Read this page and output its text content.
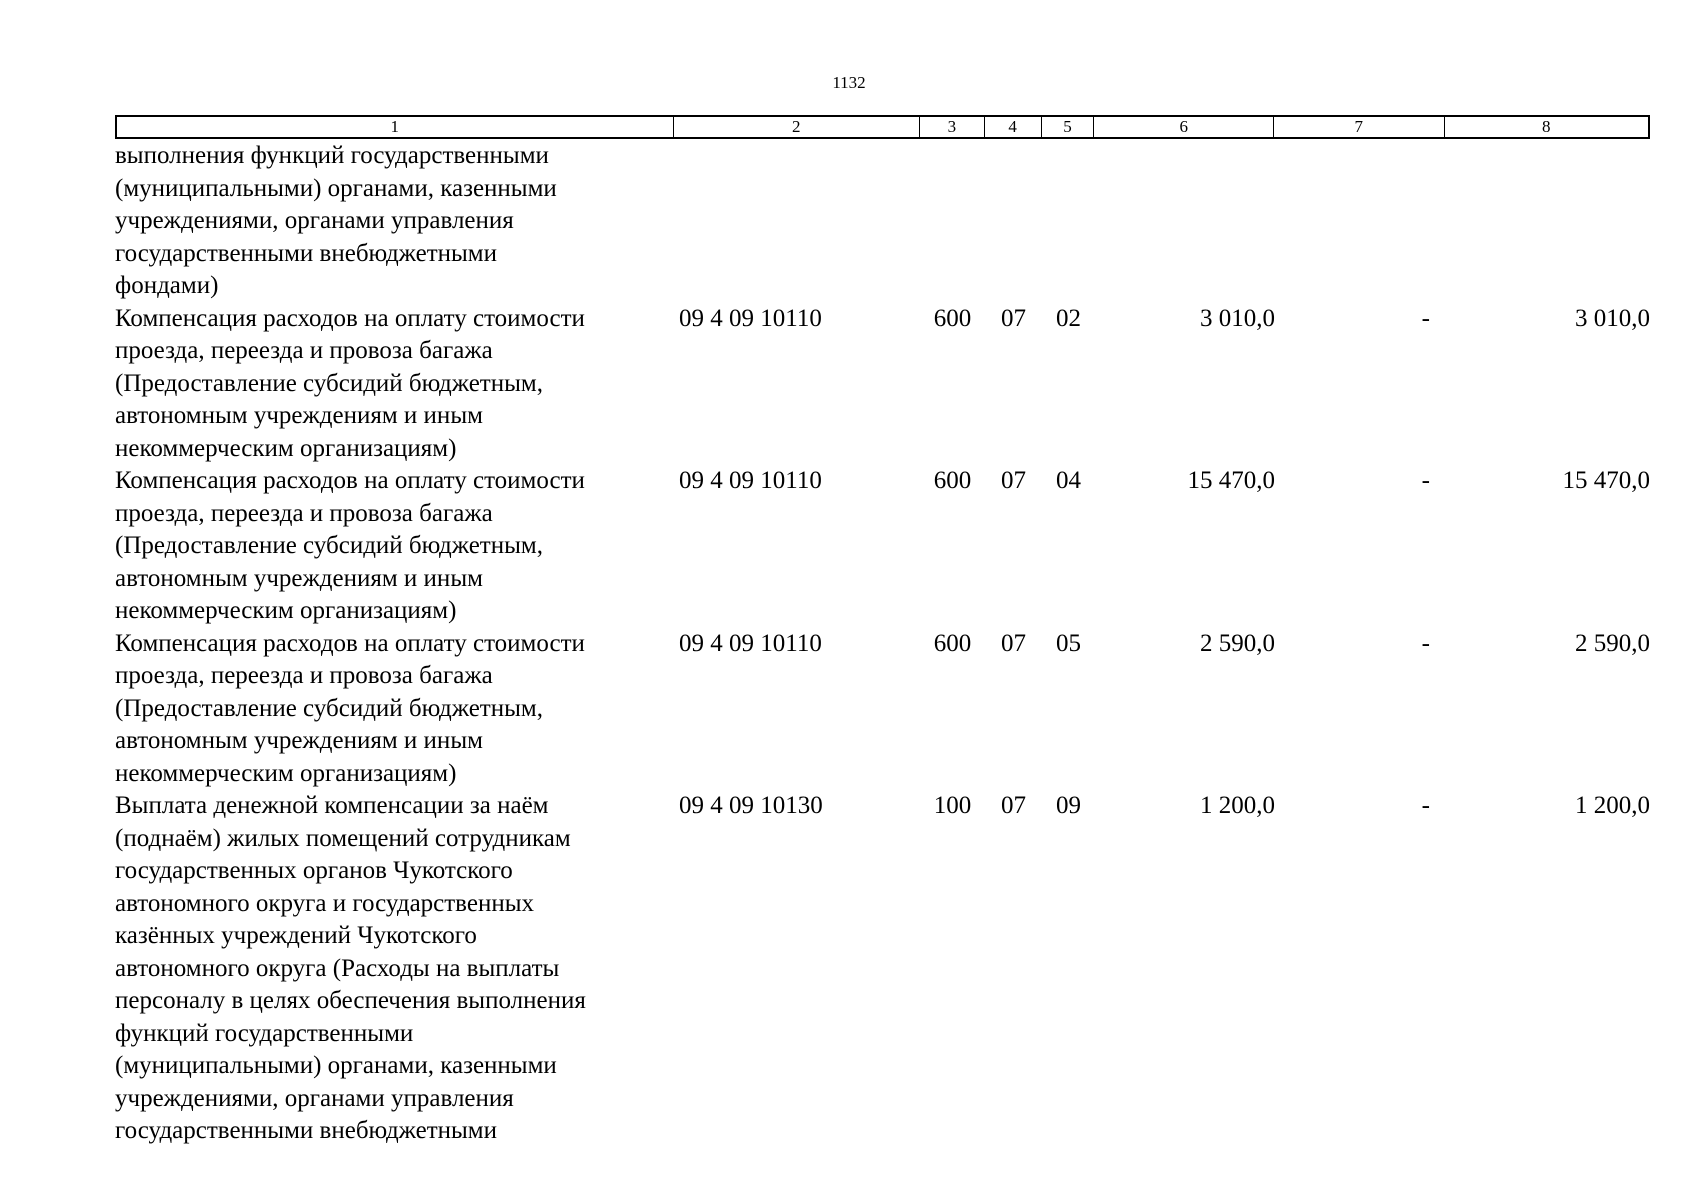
1132
1	2	3	4	5	6	7	8
выполнения функций государственными
(муниципальными) органами, казенными
учреждениями, органами управления
государственными внебюджетными
фондами)
Компенсация расходов на оплату стоимости
проезда, переезда и провоза багажа
(Предоставление субсидий бюджетным,
автономным учреждениям и иным
некоммерческим организациям)
09 4 09 10110	600	07	02	3 010,0	-	3 010,0
Компенсация расходов на оплату стоимости
проезда, переезда и провоза багажа
(Предоставление субсидий бюджетным,
автономным учреждениям и иным
некоммерческим организациям)
09 4 09 10110	600	07	04	15 470,0	-	15 470,0
Компенсация расходов на оплату стоимости
проезда, переезда и провоза багажа
(Предоставление субсидий бюджетным,
автономным учреждениям и иным
некоммерческим организациям)
09 4 09 10110	600	07	05	2 590,0	-	2 590,0
Выплата денежной компенсации за наём
(поднаём) жилых помещений сотрудникам
государственных органов Чукотского
автономного округа и государственных
казённых учреждений Чукотского
автономного округа (Расходы на выплаты
персоналу в целях обеспечения выполнения
функций государственными
(муниципальными) органами, казенными
учреждениями, органами управления
государственными внебюджетными
09 4 09 10130	100	07	09	1 200,0	-	1 200,0
